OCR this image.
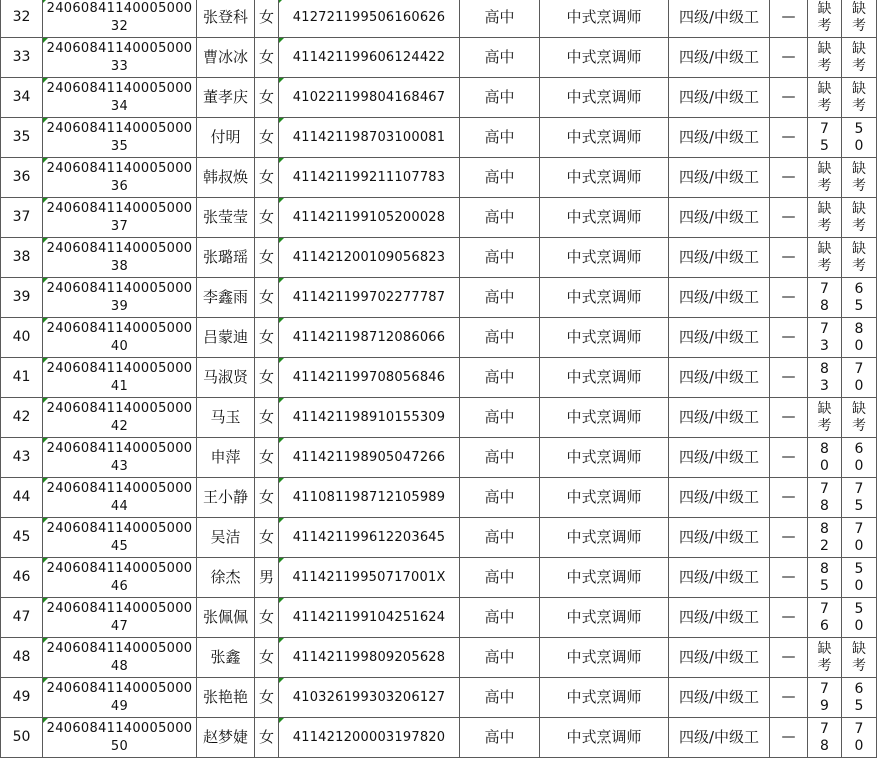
32	2406084114000500032	张登科	女	412721199506160626	高中	中式烹调师	四级/中级工	—	缺考	缺考

33	2406084114000500033	曹冰冰	女	411421199606124422	高中	中式烹调师	四级/中级工	—	缺考	缺考

34	2406084114000500034	董孝庆	女	410221199804168467	高中	中式烹调师	四级/中级工	—	缺考	缺考

35	2406084114000500035	付明	女	411421198703100081	高中	中式烹调师	四级/中级工	—	75	50

36	2406084114000500036	韩叔焕	女	411421199211107783	高中	中式烹调师	四级/中级工	—	缺考	缺考

37	2406084114000500037	张莹莹	女	411421199105200028	高中	中式烹调师	四级/中级工	—	缺考	缺考

38	2406084114000500038	张璐瑶	女	411421200109056823	高中	中式烹调师	四级/中级工	—	缺考	缺考

39	2406084114000500039	李鑫雨	女	411421199702277787	高中	中式烹调师	四级/中级工	—	78	65

40	2406084114000500040	吕蒙迪	女	411421198712086066	高中	中式烹调师	四级/中级工	—	73	80

41	2406084114000500041	马淑贤	女	411421199708056846	高中	中式烹调师	四级/中级工	—	83	70

42	2406084114000500042	马玉	女	411421198910155309	高中	中式烹调师	四级/中级工	—	缺考	缺考

43	2406084114000500043	申萍	女	411421198905047266	高中	中式烹调师	四级/中级工	—	80	60

44	2406084114000500044	王小静	女	411081198712105989	高中	中式烹调师	四级/中级工	—	78	75

45	2406084114000500045	吴洁	女	411421199612203645	高中	中式烹调师	四级/中级工	—	82	70

46	2406084114000500046	徐杰	男	41142119950717001X	高中	中式烹调师	四级/中级工	—	85	50

47	2406084114000500047	张佩佩	女	411421199104251624	高中	中式烹调师	四级/中级工	—	76	50

48	2406084114000500048	张鑫	女	411421199809205628	高中	中式烹调师	四级/中级工	—	缺考	缺考

49	2406084114000500049	张艳艳	女	410326199303206127	高中	中式烹调师	四级/中级工	—	79	65

50	2406084114000500050	赵梦婕	女	411421200003197820	高中	中式烹调师	四级/中级工	—	78	70
